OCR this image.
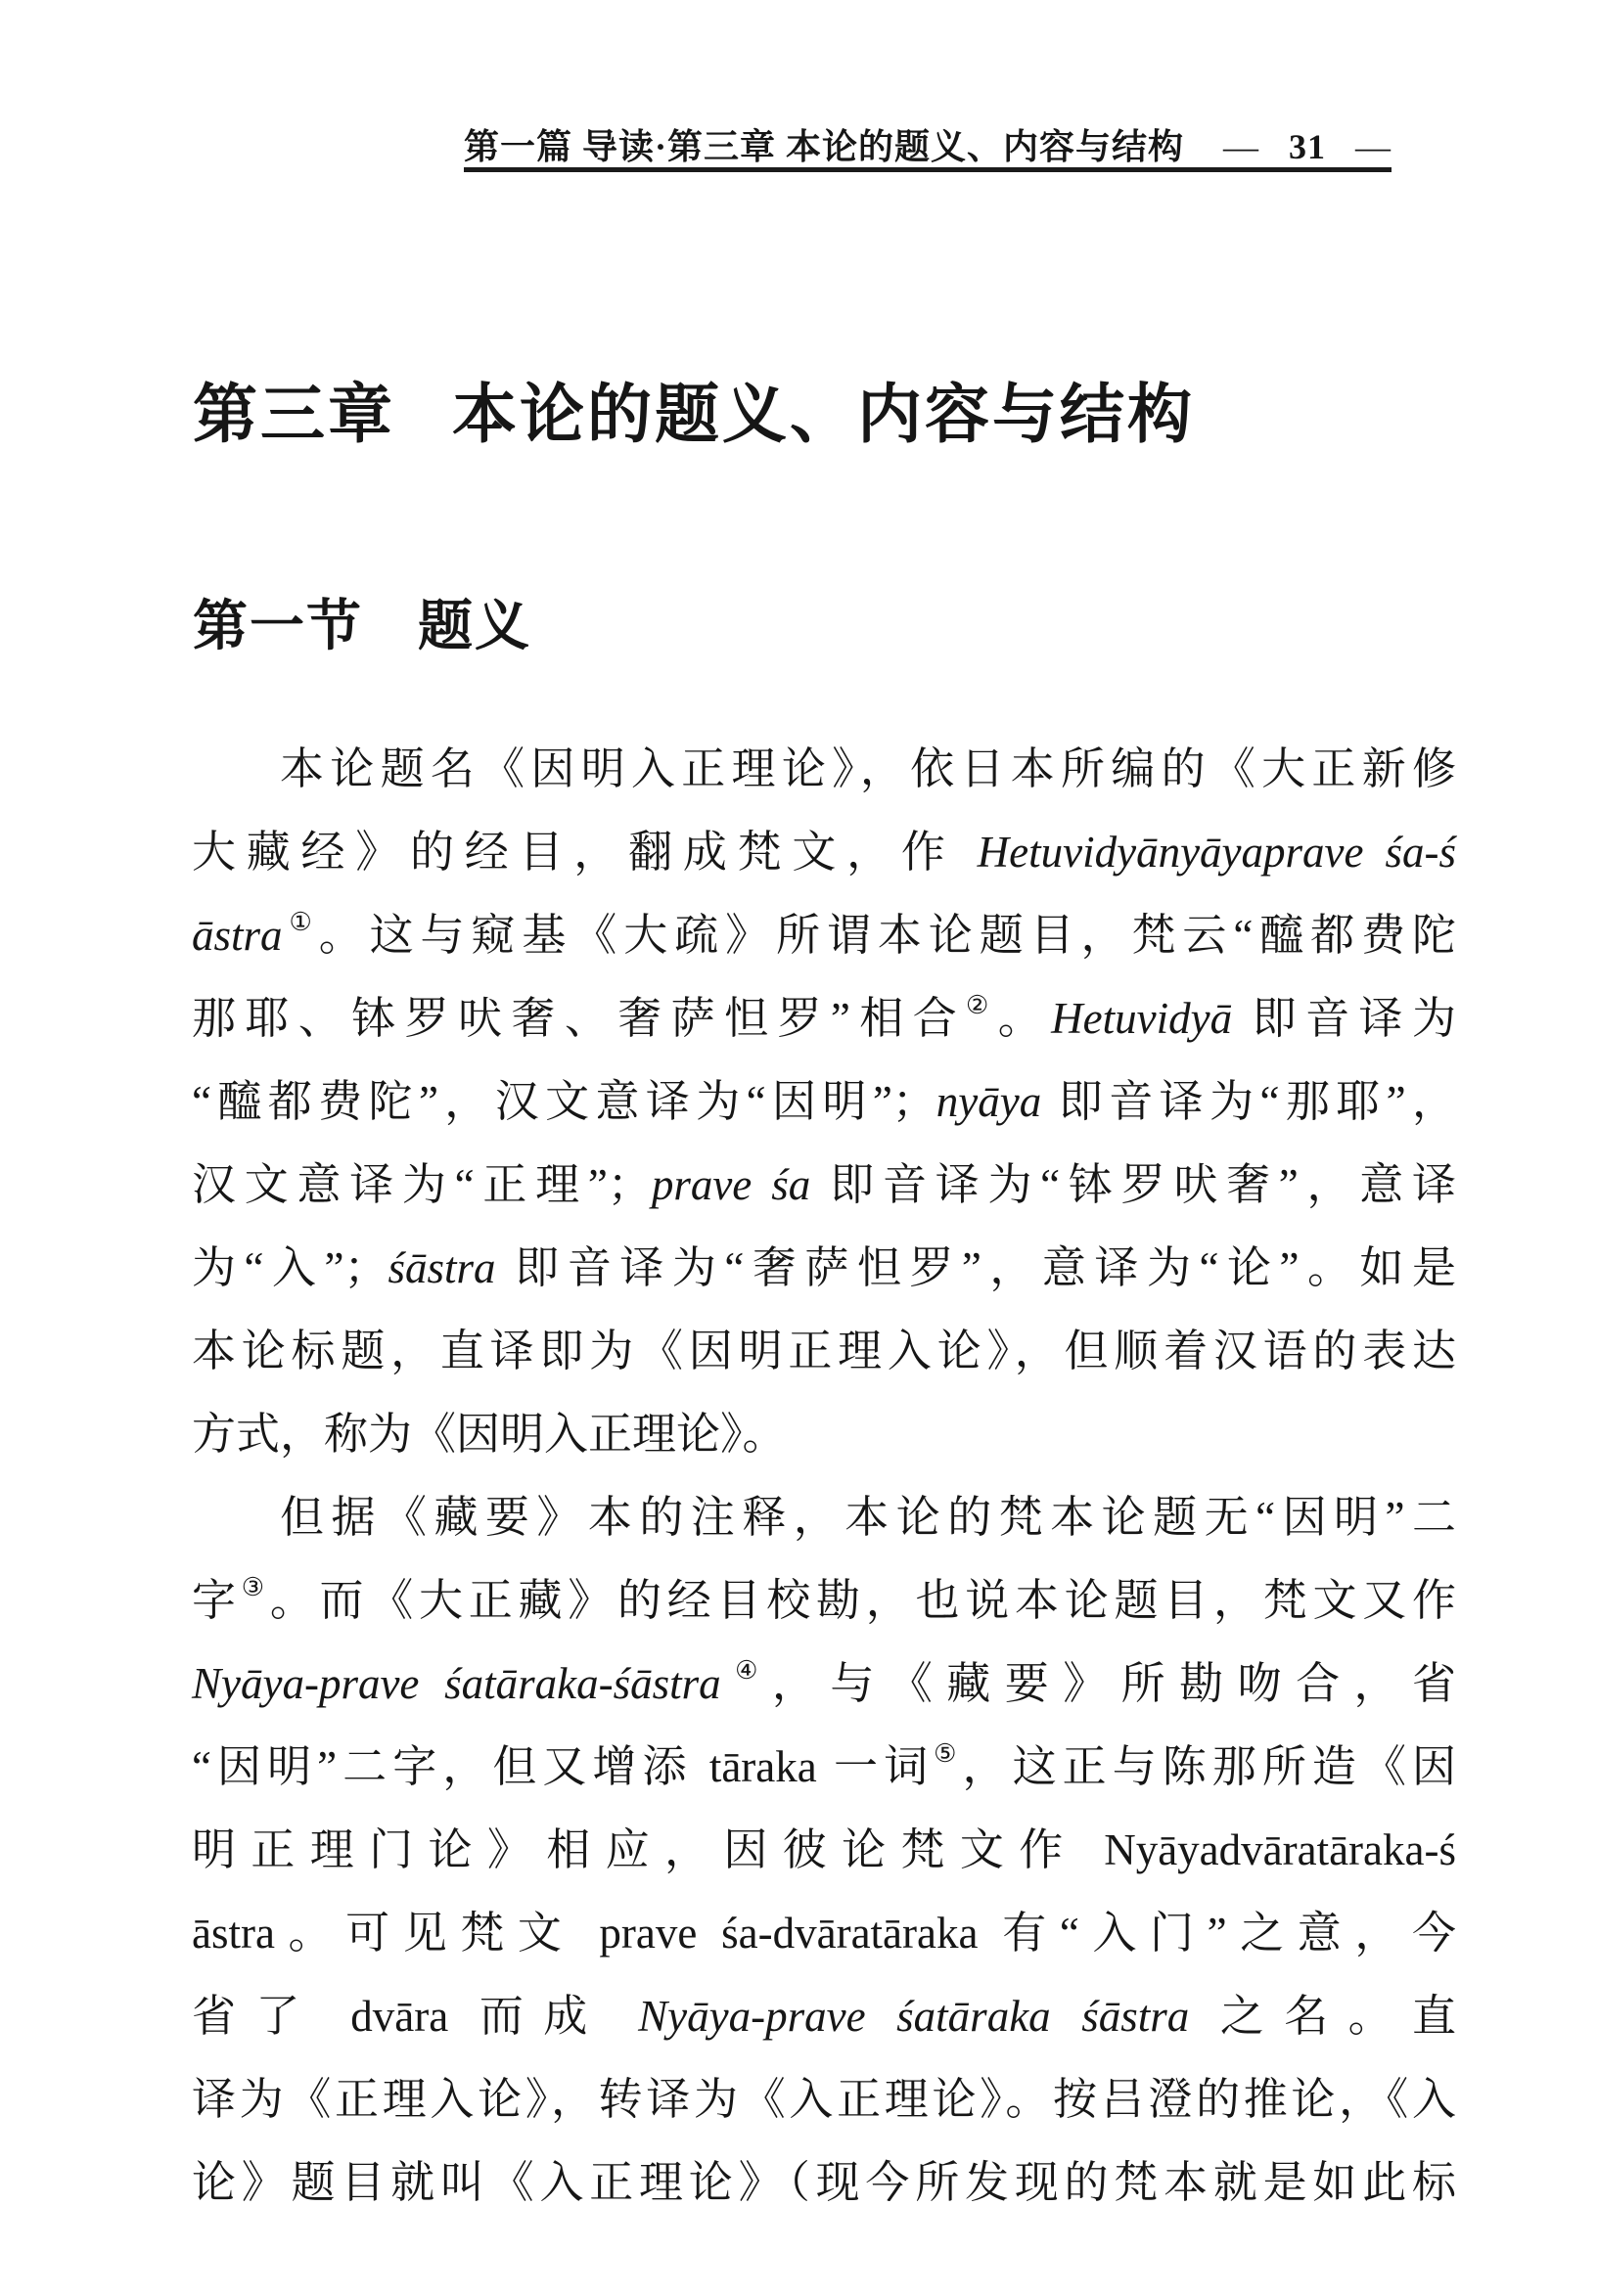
第一篇 导读·第三章 本论的题义、内容与结构 — 31 —
第三章 本论的题义、内容与结构
第一节 题义
本论题名《因明入正理论》，依日本所编的《大正新修
大藏经》的经目，翻成梵文，作 Hetuvidyānyāyaprave śa-ś
āstra①。这与窥基《大疏》所谓本论题目，梵云“醯都费陀
那耶、钵罗吠奢、奢萨怛罗”相合②。Hetuvidyā 即音译为
“醯都费陀”，汉文意译为“因明”；nyāya 即音译为“那耶”，
汉文意译为“正理”；prave śa 即音译为“钵罗吠奢”，意译
为“入”；śāstra 即音译为“奢萨怛罗”，意译为“论”。如是
本论标题，直译即为《因明正理入论》，但顺着汉语的表达
方式，称为《因明入正理论》。
但据《藏要》本的注释，本论的梵本论题无“因明”二
字③。而《大正藏》的经目校勘，也说本论题目，梵文又作
Nyāya-prave śatāraka-śāstra④，与《藏要》所勘吻合，省
“因明”二字，但又增添 tāraka 一词⑤，这正与陈那所造《因
明正理门论》相应，因彼论梵文作 Nyāyadvāratāraka-ś
āstra。可见梵文 prave śa-dvāratāraka 有“入门”之意，今
省了 dvāra 而成 Nyāya-prave śatāraka śāstra 之名。直
译为《正理入论》，转译为《入正理论》。按吕澄的推论，《入
论》题目就叫《入正理论》（现今所发现的梵本就是如此标
